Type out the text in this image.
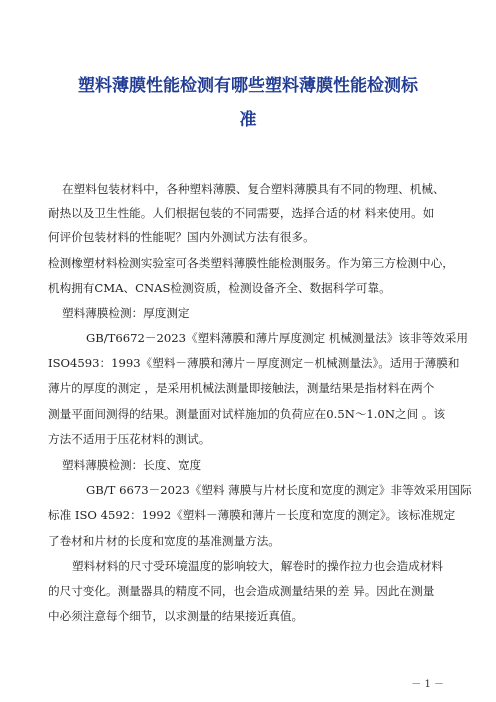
塑料薄膜性能检测有哪些塑料薄膜性能检测标
准
在塑料包装材料中，各种塑料薄膜、复合塑料薄膜具有不同的物理、机械、
耐热以及卫生性能。人们根据包装的不同需要，选择合适的材 料来使用。如
何评价包装材料的性能呢？国内外测试方法有很多。
检测橡塑材料检测实验室可各类塑料薄膜性能检测服务。作为第三方检测中心，
机构拥有CMA、CNAS检测资质，检测设备齐全、数据科学可靠。
塑料薄膜检测：厚度测定
GB/T6672－2023《塑料薄膜和薄片厚度测定 机械测量法》该非等效采用
ISO4593：1993《塑料－薄膜和薄片－厚度测定－机械测量法》。适用于薄膜和
薄片的厚度的测定 ，是采用机械法测量即接触法，测量结果是指材料在两个
测量平面间测得的结果。测量面对试样施加的负荷应在0.5N～1.0N之间 。该
方法不适用于压花材料的测试。
塑料薄膜检测：长度、宽度
GB/T 6673－2023《塑料 薄膜与片材长度和宽度的测定》非等效采用国际
标准 ISO 4592：1992《塑料－薄膜和薄片－长度和宽度的测定》。该标准规定
了卷材和片材的长度和宽度的基准测量方法。
塑料材料的尺寸受环境温度的影响较大，解卷时的操作拉力也会造成材料
的尺寸变化。测量器具的精度不同，也会造成测量结果的差 异。因此在测量
中必须注意每个细节，以求测量的结果接近真值。
－ 1 －
